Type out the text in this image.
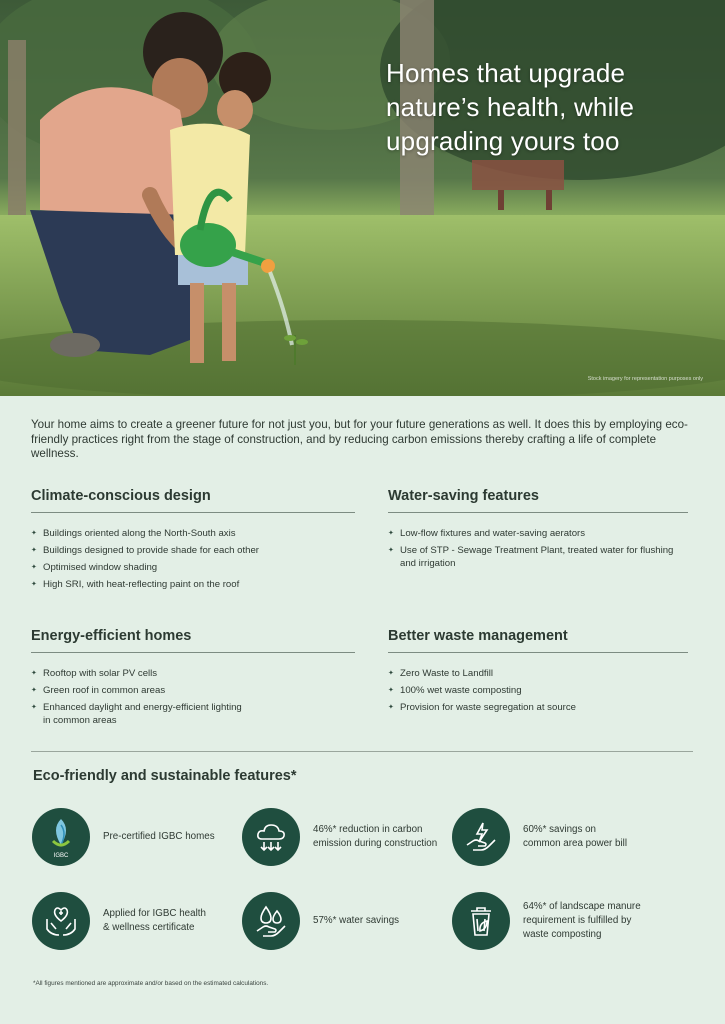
Homes that upgrade nature’s health, while upgrading yours too
Stock imagery for representation purposes only

Your home aims to create a greener future for not just you, but for your future generations as well. It does this by employing eco-friendly practices right from the stage of construction, and by reducing carbon emissions thereby crafting a life of complete wellness.

Climate-conscious design
✦ Buildings oriented along the North-South axis
✦ Buildings designed to provide shade for each other
✦ Optimised window shading
✦ High SRI, with heat-reflecting paint on the roof
Water-saving features
✦ Low-flow fixtures and water-saving aerators
✦ Use of STP - Sewage Treatment Plant, treated water for flushing and irrigation
Energy-efficient homes
✦ Rooftop with solar PV cells
✦ Green roof in common areas
✦ Enhanced daylight and energy-efficient lighting in common areas
Better waste management
✦ Zero Waste to Landfill
✦ 100% wet waste composting
✦ Provision for waste segregation at source
Eco-friendly and sustainable features*
IGBC
Pre-certified IGBC homes
46%* reduction in carbon emission during construction
60%* savings on common area power bill
Applied for IGBC health & wellness certificate
57%* water savings
64%* of landscape manure requirement is fulfilled by waste composting
*All figures mentioned are approximate and/or based on the estimated calculations.
